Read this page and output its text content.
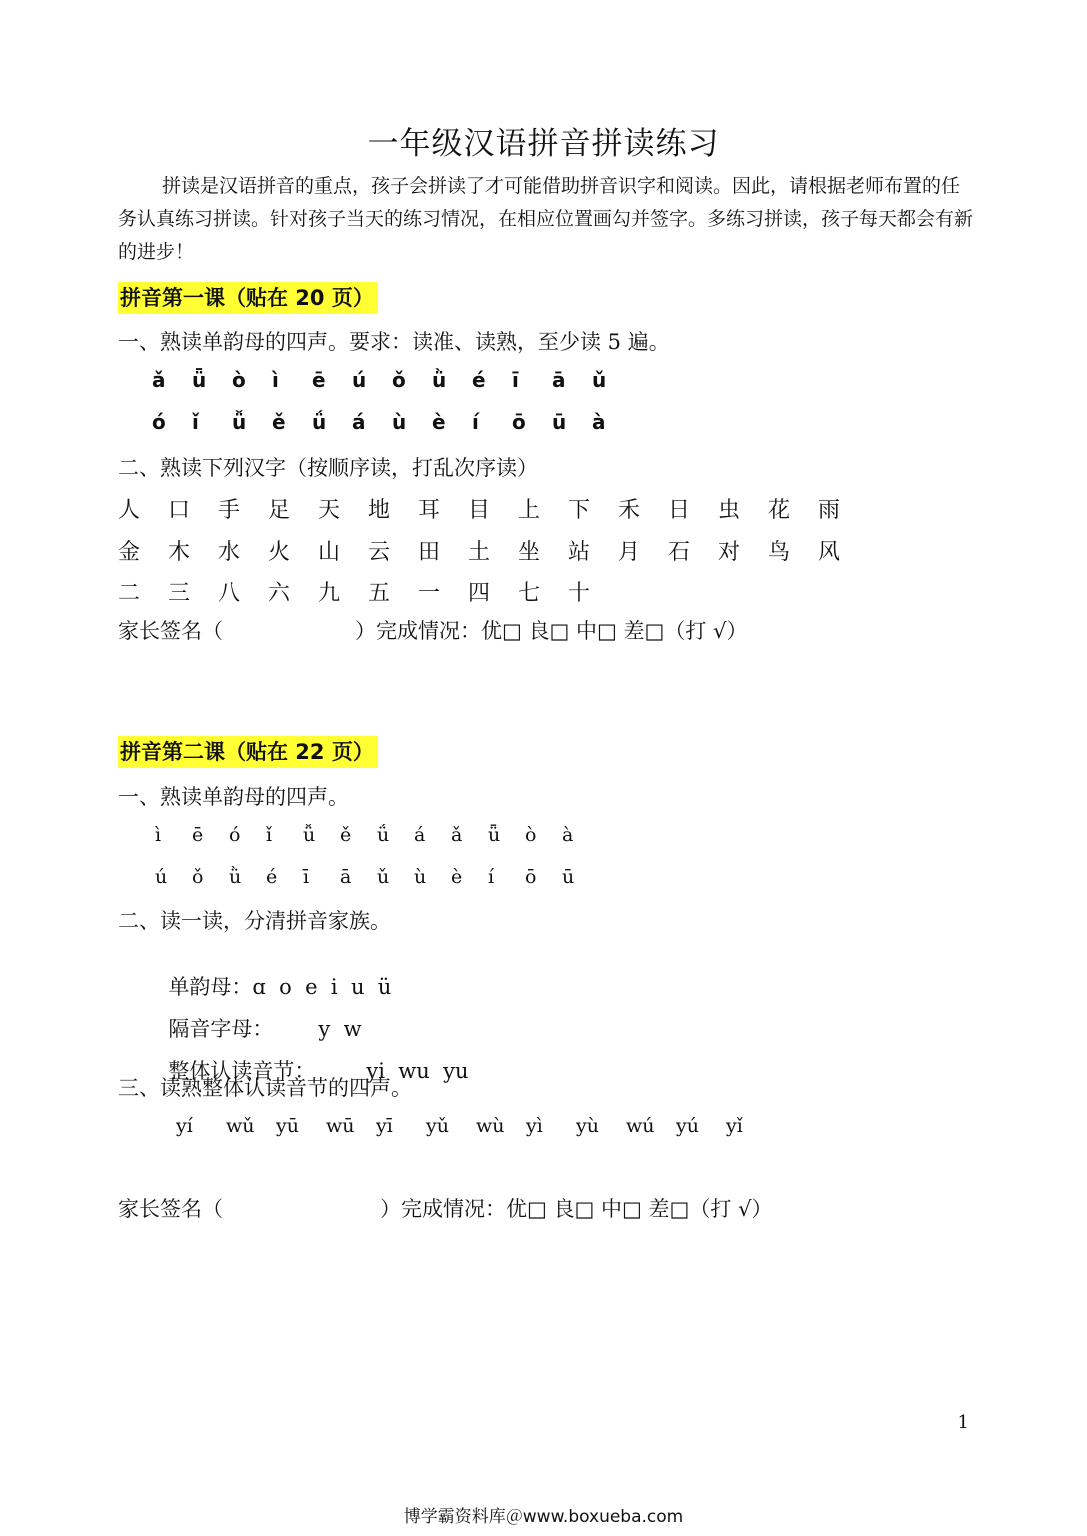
一年级汉语拼音拼读练习
拼读是汉语拼音的重点，孩子会拼读了才可能借助拼音识字和阅读。因此，请根据老师布置的任务认真练习拼读。针对孩子当天的练习情况，在相应位置画勾并签字。多练习拼读，孩子每天都会有新的进步！
拼音第一课（贴在 20 页）
一、熟读单韵母的四声。要求：读准、读熟，至少读 5 遍。
ǎ	ǖ	ò	ì	ē	ú	ǒ	ǜ	é	ī	ā	ǔ
ó	ǐ	ǚ	ě	ǘ	á	ù	è	í	ō	ū	à
二、熟读下列汉字（按顺序读，打乱次序读）
人	口	手	足	天	地	耳	目	上	下	禾	日	虫	花	雨
金	木	水	火	山	云	田	土	坐	站	月	石	对	鸟	风
二	三	八	六	九	五	一	四	七	十
家长签名（	）完成情况：优□ 良□ 中□ 差□（打 √）
拼音第二课（贴在 22 页）
一、熟读单韵母的四声。
ì	ē	ó	ǐ	ǚ	ě	ǘ	á	ǎ	ǖ	ò	à
ú	ǒ	ǜ	é	ī	ā	ǔ	ù	è	í	ō	ū
二、读一读，分清拼音家族。

单韵母：ɑ  o  e  i  u  ü

隔音字母： y  w

整体认读音节： yi  wu  yu

三、读熟整体认读音节的四声。
yí	wǔ	yū	wū	yī	yǔ	wù	yì	yù	wú	yú	yǐ
家长签名（	）完成情况：优□ 良□ 中□ 差□（打 √）
1
博学霸资料库＠www.boxueba.com
